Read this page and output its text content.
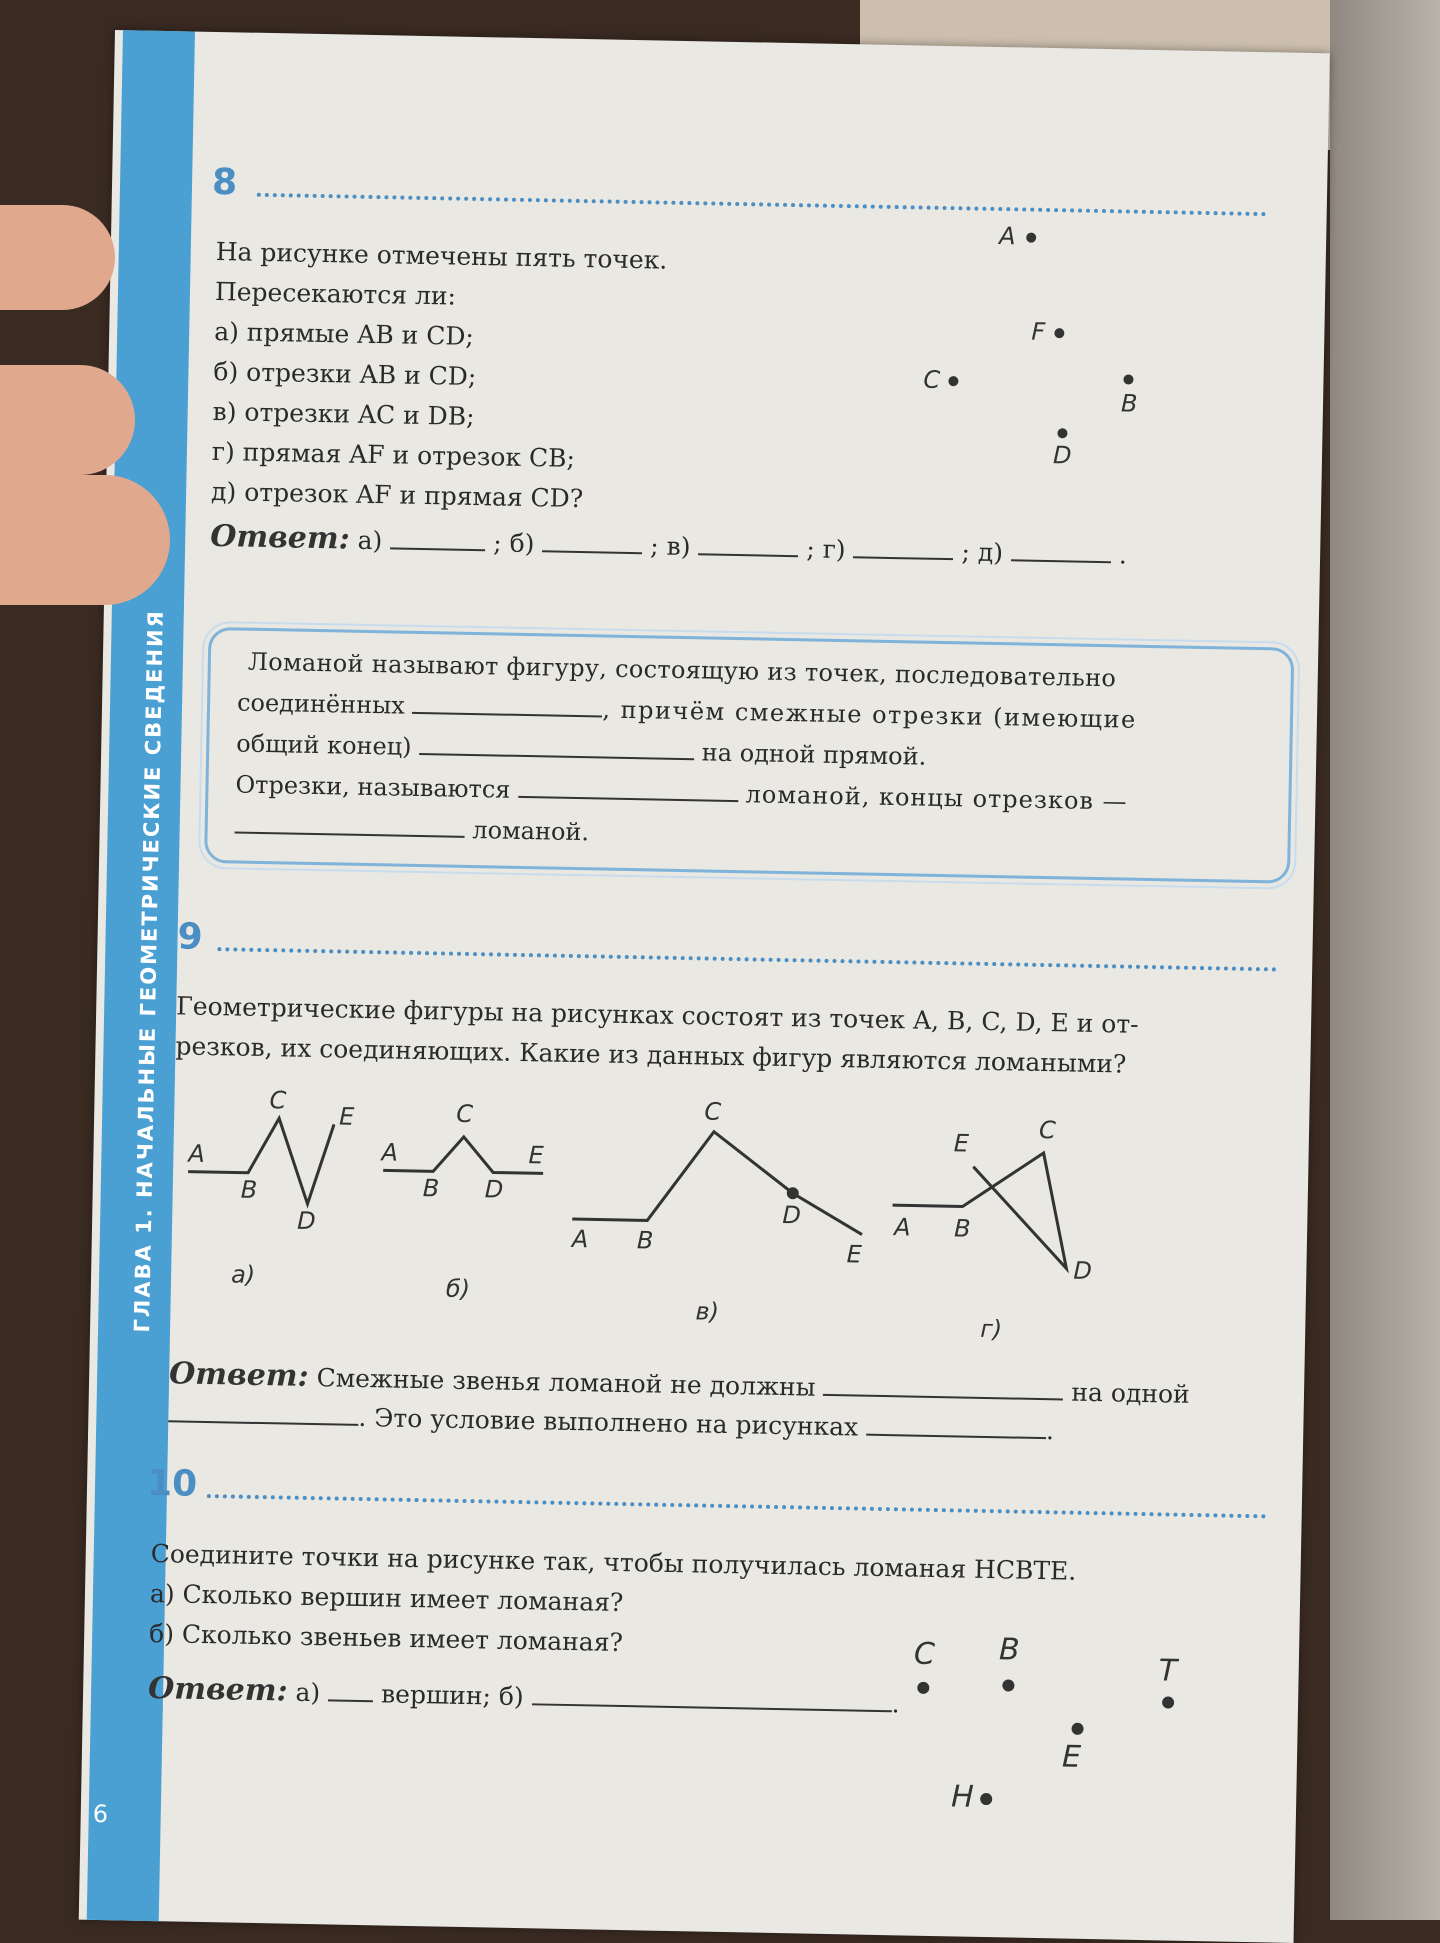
ГЛАВА 1. НАЧАЛЬНЫЕ ГЕОМЕТРИЧЕСКИЕ СВЕДЕНИЯ
8
На рисунке отмечены пять точек.
Пересекаются ли:
а) прямые AB и CD;
б) отрезки AB и CD;
в) отрезки AC и DB;
г) прямая AF и отрезок CB;
д) отрезок AF и прямая CD?
Ответ: а)	; б)	; в)	; г)	; д)	.
A
F
C
B
D
Ломаной называют фигуру, состоящую из точек, последовательно
соединённых	, причём смежные отрезки (имеющие
общий конец)	на одной прямой.
Отрезки, называются	ломаной, концы отрезков —
ломаной.
9
Геометрические фигуры на рисунках состоят из точек A, B, C, D, E и от-
резков, их соединяющих. Какие из данных фигур являются ломаными?
A
B
C
D
E
а)
A
B
C
D
E
б)
A B
C
D
E
в)
A B
C
D
E
г)
Ответ: Смежные звенья ломаной не должны	на одной
. Это условие выполнено на рисунках	.
10
Соедините точки на рисунке так, чтобы получилась ломаная HCBTE.
а) Сколько вершин имеет ломаная?
б) Сколько звеньев имеет ломаная?
Ответ: а) вершин; б)	.
C B
T
E
H
6
